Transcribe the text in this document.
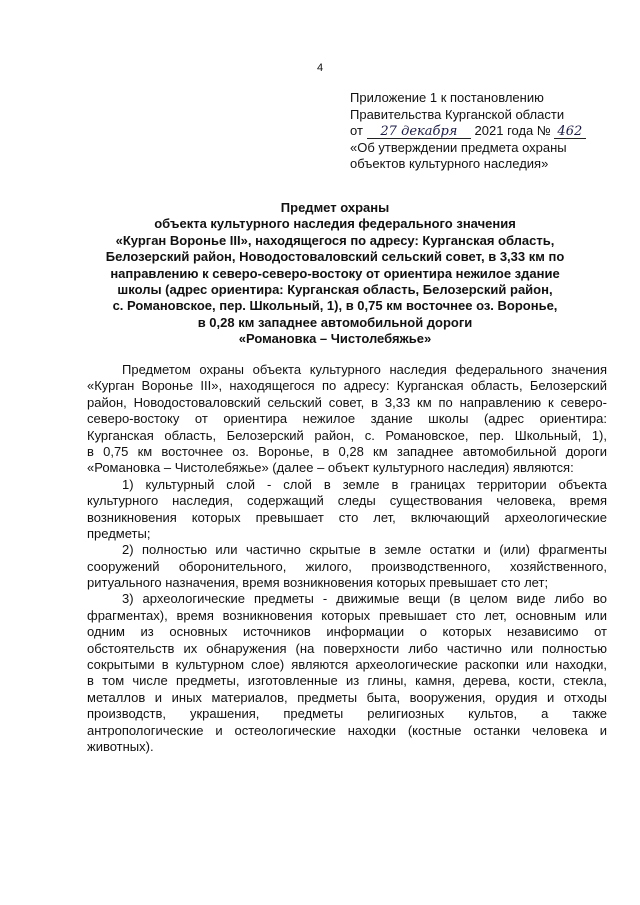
4
Приложение 1 к постановлению
Правительства Курганской области
от 27 декабря 2021 года № 462
«Об утверждении предмета охраны
объектов культурного наследия»
Предмет охраны
объекта культурного наследия федерального значения
«Курган Воронье III», находящегося по адресу: Курганская область,
Белозерский район, Новодостоваловский сельский совет, в 3,33 км по
направлению к северо-северо-востоку от ориентира нежилое здание
школы (адрес ориентира: Курганская область, Белозерский район,
с. Романовское, пер. Школьный, 1), в 0,75 км восточнее оз. Воронье,
в 0,28 км западнее автомобильной дороги
«Романовка – Чистолебяжье»
Предметом охраны объекта культурного наследия федерального значения
«Курган Воронье III», находящегося по адресу: Курганская область, Белозерский
район, Новодостоваловский сельский совет, в 3,33 км по направлению к северо-
северо-востоку от ориентира нежилое здание школы (адрес ориентира:
Курганская область, Белозерский район, с. Романовское, пер. Школьный, 1),
в 0,75 км восточнее оз. Воронье, в 0,28 км западнее автомобильной дороги
«Романовка – Чистолебяжье» (далее – объект культурного наследия) являются:
1) культурный слой - слой в земле в границах территории объекта
культурного наследия, содержащий следы существования человека, время
возникновения которых превышает сто лет, включающий археологические
предметы;
2) полностью или частично скрытые в земле остатки и (или) фрагменты
сооружений оборонительного, жилого, производственного, хозяйственного,
ритуального назначения, время возникновения которых превышает сто лет;
3) археологические предметы - движимые вещи (в целом виде либо во
фрагментах), время возникновения которых превышает сто лет, основным или
одним из основных источников информации о которых независимо от
обстоятельств их обнаружения (на поверхности либо частично или полностью
сокрытыми в культурном слое) являются археологические раскопки или находки,
в том числе предметы, изготовленные из глины, камня, дерева, кости, стекла,
металлов и иных материалов, предметы быта, вооружения, орудия и отходы
производств, украшения, предметы религиозных культов, а также
антропологические и остеологические находки (костные останки человека и
животных).
